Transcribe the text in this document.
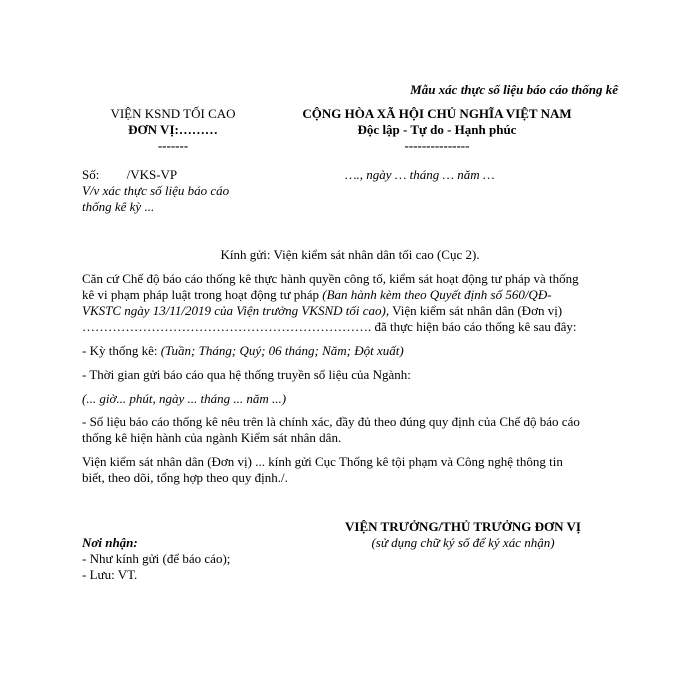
Mẫu xác thực số liệu báo cáo thống kê
VIỆN KSND TỐI CAO
ĐƠN VỊ:………
-------
CỘNG HÒA XÃ HỘI CHỦ NGHĨA VIỆT NAM
Độc lập - Tự do - Hạnh phúc
---------------
Số: /VKS-VP
V/v xác thực số liệu báo cáo
thống kê kỳ ...
…., ngày … tháng … năm …
Kính gửi: Viện kiểm sát nhân dân tối cao (Cục 2).
Căn cứ Chế độ báo cáo thống kê thực hành quyền công tố, kiểm sát hoạt động tư pháp và thống
kê vi phạm pháp luật trong hoạt động tư pháp (Ban hành kèm theo Quyết định số 560/QĐ-
VKSTC ngày 13/11/2019 của Viện trưởng VKSND tối cao), Viện kiểm sát nhân dân (Đơn vị)
…………………………………………………………. đã thực hiện báo cáo thống kê sau đây:
- Kỳ thống kê: (Tuần; Tháng; Quý; 06 tháng; Năm; Đột xuất)
- Thời gian gửi báo cáo qua hệ thống truyền số liệu của Ngành:
(... giờ... phút, ngày ... tháng ... năm ...)
- Số liệu báo cáo thống kê nêu trên là chính xác, đầy đủ theo đúng quy định của Chế độ báo cáo
thống kê hiện hành của ngành Kiểm sát nhân dân.
Viện kiểm sát nhân dân (Đơn vị) ... kính gửi Cục Thống kê tội phạm và Công nghệ thông tin
biết, theo dõi, tổng hợp theo quy định./.
VIỆN TRƯỞNG/THỦ TRƯỞNG ĐƠN VỊ
(sử dụng chữ ký số để ký xác nhận)
Nơi nhận:
- Như kính gửi (để báo cáo);
- Lưu: VT.
